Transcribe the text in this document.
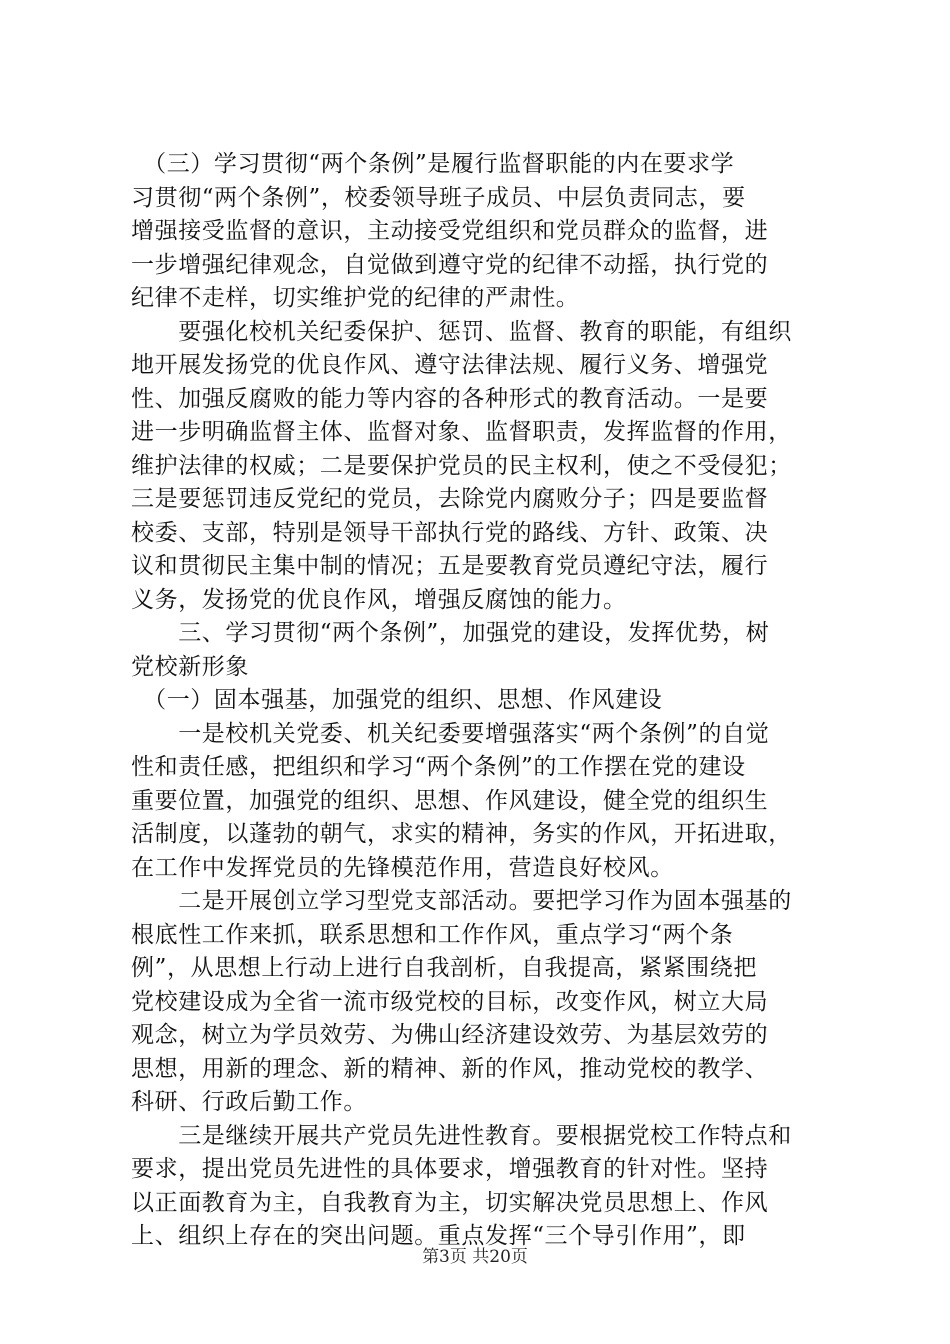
　（三）学习贯彻“两个条例”是履行监督职能的内在要求学
习贯彻“两个条例”，校委领导班子成员、中层负责同志，要
增强接受监督的意识，主动接受党组织和党员群众的监督，进
一步增强纪律观念，自觉做到遵守党的纪律不动摇，执行党的
纪律不走样，切实维护党的纪律的严肃性。
　　要强化校机关纪委保护、惩罚、监督、教育的职能，有组织
地开展发扬党的优良作风、遵守法律法规、履行义务、增强党
性、加强反腐败的能力等内容的各种形式的教育活动。一是要
进一步明确监督主体、监督对象、监督职责，发挥监督的作用，
维护法律的权威；二是要保护党员的民主权利，使之不受侵犯；
三是要惩罚违反党纪的党员，去除党内腐败分子；四是要监督
校委、支部，特别是领导干部执行党的路线、方针、政策、决
议和贯彻民主集中制的情况；五是要教育党员遵纪守法，履行
义务，发扬党的优良作风，增强反腐蚀的能力。
　　三、学习贯彻“两个条例”，加强党的建设，发挥优势，树
党校新形象
　（一）固本强基，加强党的组织、思想、作风建设
　　一是校机关党委、机关纪委要增强落实“两个条例”的自觉
性和责任感，把组织和学习“两个条例”的工作摆在党的建设
重要位置，加强党的组织、思想、作风建设，健全党的组织生
活制度，以蓬勃的朝气，求实的精神，务实的作风，开拓进取，
在工作中发挥党员的先锋模范作用，营造良好校风。
　　二是开展创立学习型党支部活动。要把学习作为固本强基的
根底性工作来抓，联系思想和工作作风，重点学习“两个条
例”，从思想上行动上进行自我剖析，自我提高，紧紧围绕把
党校建设成为全省一流市级党校的目标，改变作风，树立大局
观念，树立为学员效劳、为佛山经济建设效劳、为基层效劳的
思想，用新的理念、新的精神、新的作风，推动党校的教学、
科研、行政后勤工作。
　　三是继续开展共产党员先进性教育。要根据党校工作特点和
要求，提出党员先进性的具体要求，增强教育的针对性。坚持
以正面教育为主，自我教育为主，切实解决党员思想上、作风
上、组织上存在的突出问题。重点发挥“三个导引作用”，即
第3页 共20页
